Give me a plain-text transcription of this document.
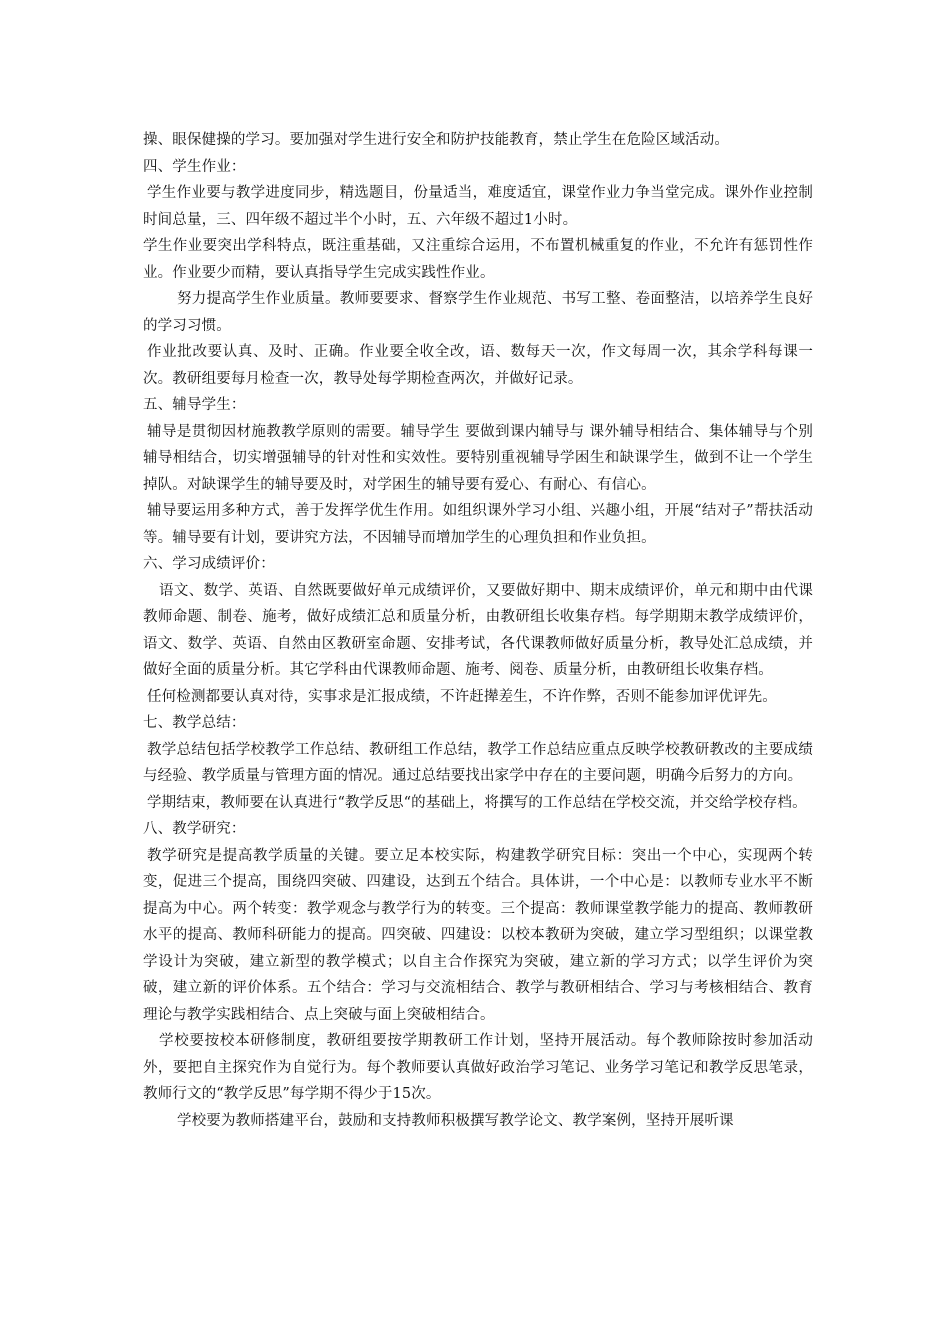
操、眼保健操的学习。要加强对学生进行安全和防护技能教育，禁止学生在危险区域活动。

四、学生作业：

学生作业要与教学进度同步，精选题目，份量适当，难度适宜，课堂作业力争当堂完成。课外作业控制时间总量，三、四年级不超过半个小时，五、六年级不超过1小时。

学生作业要突出学科特点，既注重基础，又注重综合运用，不布置机械重复的作业，不允许有惩罚性作业。作业要少而精，要认真指导学生完成实践性作业。

努力提高学生作业质量。教师要要求、督察学生作业规范、书写工整、卷面整洁，以培养学生良好的学习习惯。

作业批改要认真、及时、正确。作业要全收全改，语、数每天一次，作文每周一次，其余学科每课一次。教研组要每月检查一次，教导处每学期检查两次，并做好记录。

五、辅导学生：

辅导是贯彻因材施教教学原则的需要。辅导学生 要做到课内辅导与 课外辅导相结合、集体辅导与个别辅导相结合，切实增强辅导的针对性和实效性。要特别重视辅导学困生和缺课学生，做到不让一个学生掉队。对缺课学生的辅导要及时，对学困生的辅导要有爱心、有耐心、有信心。

辅导要运用多种方式，善于发挥学优生作用。如组织课外学习小组、兴趣小组，开展“结对子”帮扶活动等。辅导要有计划，要讲究方法，不因辅导而增加学生的心理负担和作业负担。

六、学习成绩评价：

语文、数学、英语、自然既要做好单元成绩评价，又要做好期中、期末成绩评价，单元和期中由代课教师命题、制卷、施考，做好成绩汇总和质量分析，由教研组长收集存档。每学期期末教学成绩评价，语文、数学、英语、自然由区教研室命题、安排考试，各代课教师做好质量分析，教导处汇总成绩，并做好全面的质量分析。其它学科由代课教师命题、施考、阅卷、质量分析，由教研组长收集存档。

任何检测都要认真对待，实事求是汇报成绩，不许赶撵差生，不许作弊，否则不能参加评优评先。

七、教学总结：

教学总结包括学校教学工作总结、教研组工作总结，教学工作总结应重点反映学校教研教改的主要成绩与经验、教学质量与管理方面的情况。通过总结要找出家学中存在的主要问题，明确今后努力的方向。

学期结束，教师要在认真进行“教学反思“的基础上，将撰写的工作总结在学校交流，并交给学校存档。

八、教学研究：

教学研究是提高教学质量的关键。要立足本校实际，构建教学研究目标：突出一个中心，实现两个转变，促进三个提高，围绕四突破、四建设，达到五个结合。具体讲，一个中心是：以教师专业水平不断提高为中心。两个转变：教学观念与教学行为的转变。三个提高：教师课堂教学能力的提高、教师教研水平的提高、教师科研能力的提高。四突破、四建设：以校本教研为突破，建立学习型组织；以课堂教学设计为突破，建立新型的教学模式；以自主合作探究为突破，建立新的学习方式；以学生评价为突破，建立新的评价体系。五个结合：学习与交流相结合、教学与教研相结合、学习与考核相结合、教育理论与教学实践相结合、点上突破与面上突破相结合。

学校要按校本研修制度，教研组要按学期教研工作计划，坚持开展活动。每个教师除按时参加活动外，要把自主探究作为自觉行为。每个教师要认真做好政治学习笔记、业务学习笔记和教学反思笔录，教师行文的“教学反思”每学期不得少于15次。

学校要为教师搭建平台，鼓励和支持教师积极撰写教学论文、教学案例，坚持开展听课
